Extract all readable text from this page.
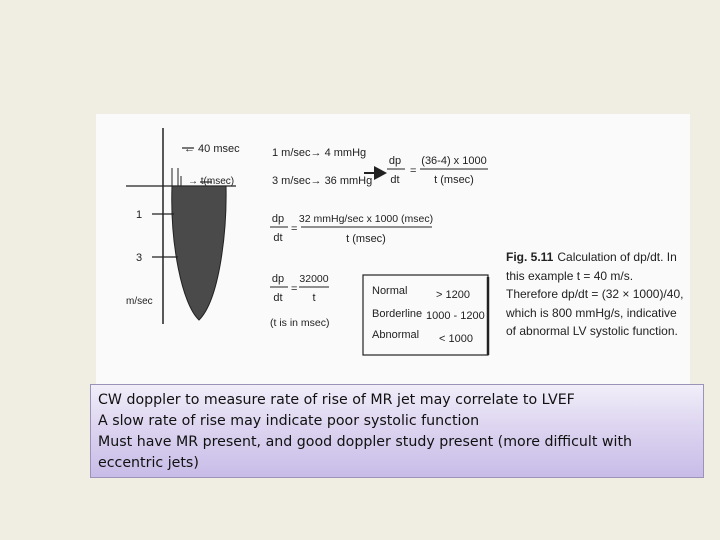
← 40 msec
→ t(msec)
1
3
m/sec
1 m/sec→ 4 mmHg
3 m/sec→ 36 mmHg
dp
dt
=
(36-4) x 1000
t (msec)
dp
dt
=
32 mmHg/sec x 1000 (msec)
t (msec)
dp
dt
=
32000
t
(t is in msec)
Normal	> 1200
Borderline 1000 - 1200
Abnormal < 1000
Fig. 5.11 Calculation of dp/dt. In this example t = 40 m/s. Therefore dp/dt = (32 × 1000)/40, which is 800 mmHg/s, indicative of abnormal LV systolic function.
CW doppler to measure rate of rise of MR jet may correlate to LVEF
A slow rate of rise may indicate poor systolic function
Must have MR present, and good doppler study present (more difficult with eccentric jets)
